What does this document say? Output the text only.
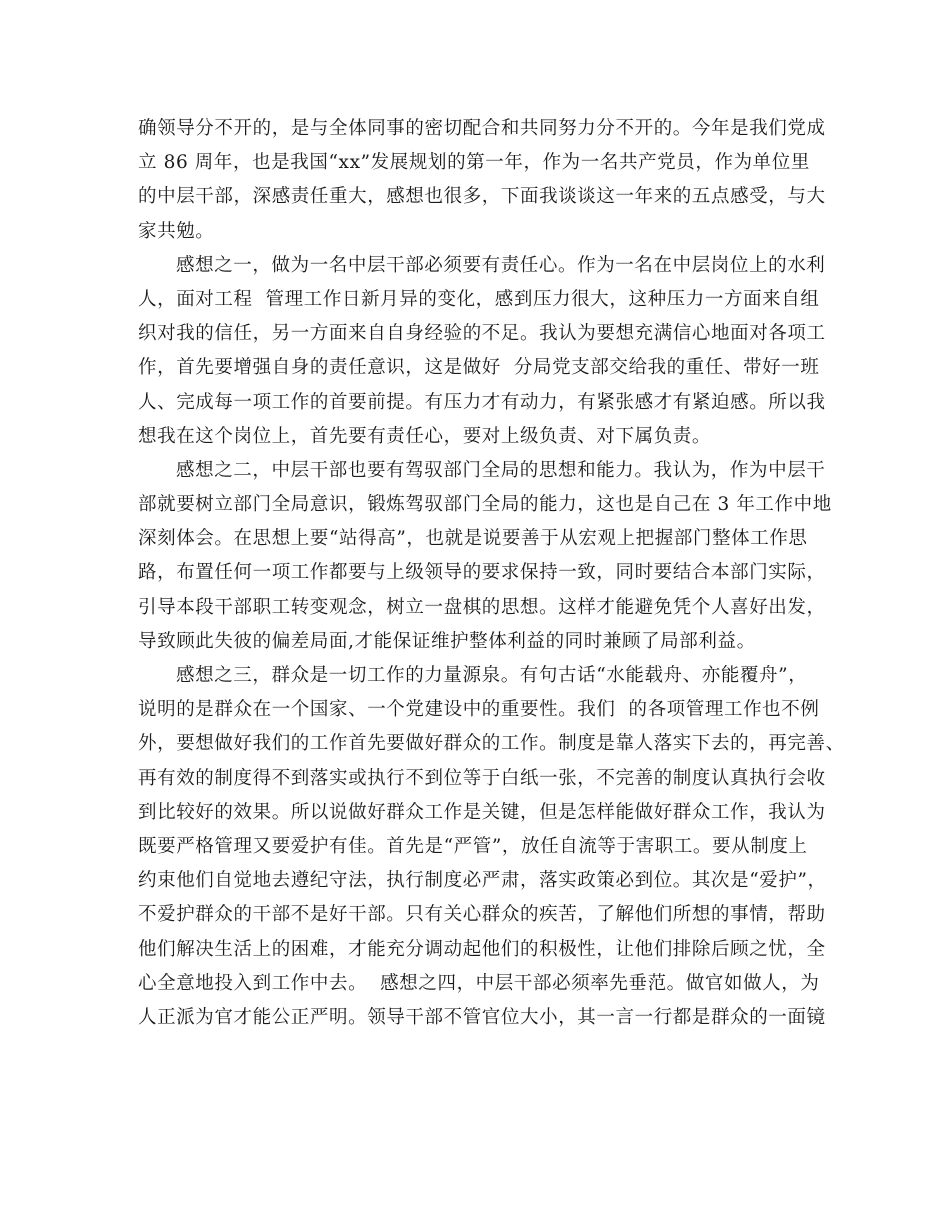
确领导分不开的，是与全体同事的密切配合和共同努力分不开的。今年是我们党成
立 86 周年，也是我国“xx”发展规划的第一年，作为一名共产党员，作为单位里
的中层干部，深感责任重大，感想也很多，下面我谈谈这一年来的五点感受，与大
家共勉。
感想之一，做为一名中层干部必须要有责任心。作为一名在中层岗位上的水利
人，面对工程  管理工作日新月异的变化，感到压力很大，这种压力一方面来自组
织对我的信任，另一方面来自自身经验的不足。我认为要想充满信心地面对各项工
作，首先要增强自身的责任意识，这是做好  分局党支部交给我的重任、带好一班
人、完成每一项工作的首要前提。有压力才有动力，有紧张感才有紧迫感。所以我
想我在这个岗位上，首先要有责任心，要对上级负责、对下属负责。
感想之二，中层干部也要有驾驭部门全局的思想和能力。我认为，作为中层干
部就要树立部门全局意识，锻炼驾驭部门全局的能力，这也是自己在 3 年工作中地
深刻体会。在思想上要“站得高”，也就是说要善于从宏观上把握部门整体工作思
路，布置任何一项工作都要与上级领导的要求保持一致，同时要结合本部门实际，
引导本段干部职工转变观念，树立一盘棋的思想。这样才能避免凭个人喜好出发，
导致顾此失彼的偏差局面,才能保证维护整体利益的同时兼顾了局部利益。
感想之三，群众是一切工作的力量源泉。有句古话“水能载舟、亦能覆舟”，
说明的是群众在一个国家、一个党建设中的重要性。我们  的各项管理工作也不例
外，要想做好我们的工作首先要做好群众的工作。制度是靠人落实下去的，再完善、
再有效的制度得不到落实或执行不到位等于白纸一张，不完善的制度认真执行会收
到比较好的效果。所以说做好群众工作是关键，但是怎样能做好群众工作，我认为
既要严格管理又要爱护有佳。首先是“严管”，放任自流等于害职工。要从制度上
约束他们自觉地去遵纪守法，执行制度必严肃，落实政策必到位。其次是“爱护”，
不爱护群众的干部不是好干部。只有关心群众的疾苦，了解他们所想的事情，帮助
他们解决生活上的困难，才能充分调动起他们的积极性，让他们排除后顾之忧，全
心全意地投入到工作中去。  感想之四，中层干部必须率先垂范。做官如做人，为
人正派为官才能公正严明。领导干部不管官位大小，其一言一行都是群众的一面镜
